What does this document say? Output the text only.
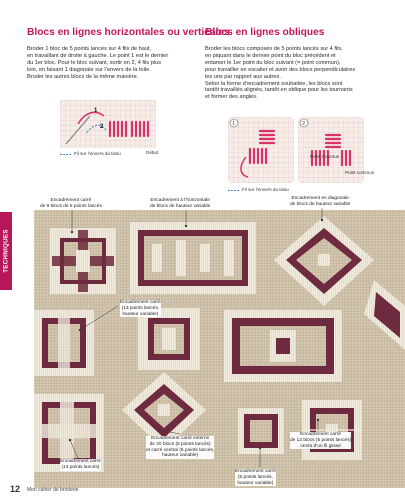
TECHNIQUES
Blocs en lignes horizontales ou verticales
Broder 1 bloc de 5 points lancés sur 4 fils de haut,
en travaillant de droite à gauche. Le point 1 est le dernier
du 1er bloc. Pour le bloc suivant, sortir en 2, 4 fils plus
loin, en faisant 1 diagonale sur l’envers de la toile.
Broder les autres blocs de la même manière.
1
2
Début
Fil sur l’envers du tissu
Blocs en lignes obliques
Broder les blocs composés de 5 points lancés sur 4 fils,
en piquant dans le dernier point du bloc précédent et
entamer le 1er point du bloc suivant (= point commun),
pour travailler en escalier et avoir des blocs perpendiculaires
les uns par rapport aux autres.
Selon la forme d’encadrement souhaitée, les blocs sont
tantôt travaillés alignés, tantôt en oblique pour les tournants
et former des angles.
1	2
Point commun
Point commun
Fil sur l’envers du tissu
Encadrement carré
de 8 blocs de 5 points lancés
Encadrement à l’horizontale
de blocs de hauteur variable
Encadrement en diagonale
de blocs de hauteur variable
Encadrement carré
(13 points lancés,
hauteur variable)
Encadrement carré externe
de 20 blocs (5 points lancés)
et carré central (5 points lancés,
hauteur variable)
Encadrement carré
de 12 blocs (5 points lancés)
ornés d’un fil glissé
Encadrement carré
(13 points lancés)
Encadrement carré
(5 points lancés,
hauteur variable)
12 Mon cahier de broderie
